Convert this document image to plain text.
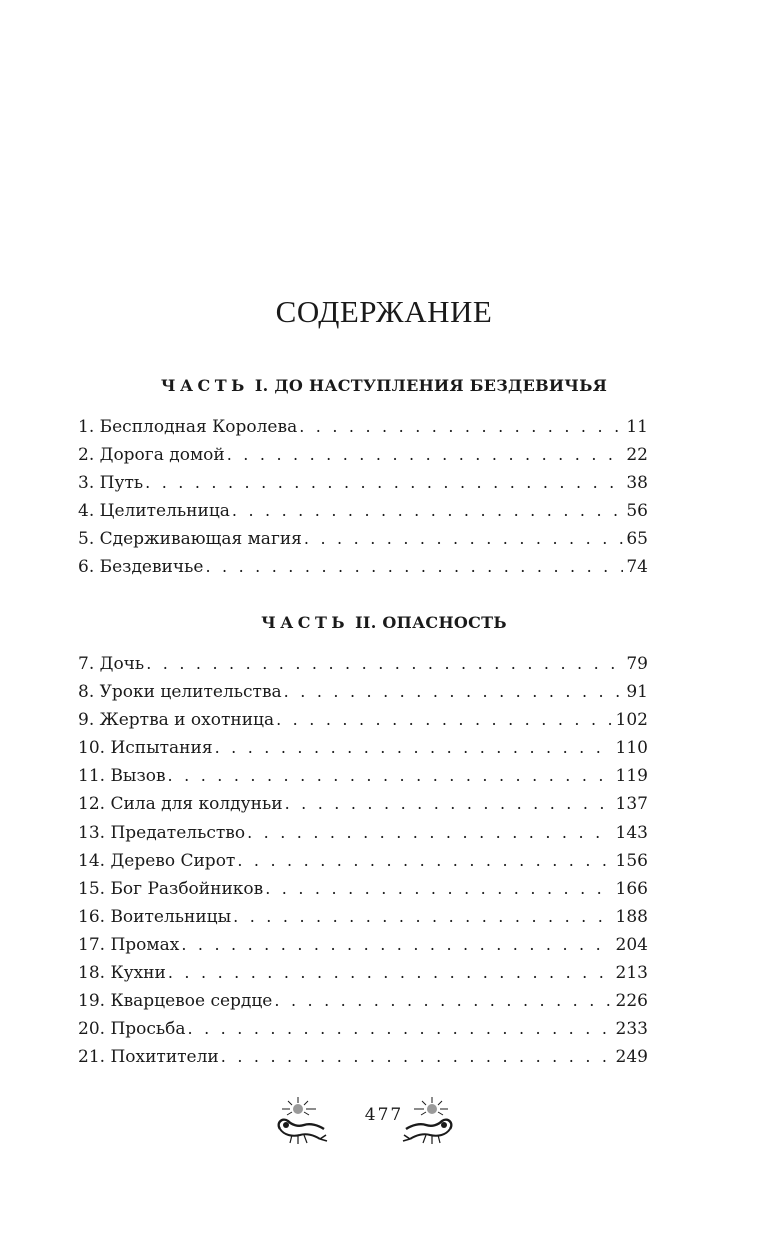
СОДЕРЖАНИЕ
ЧАСТЬ I. ДО НАСТУПЛЕНИЯ БЕЗДЕВИЧЬЯ
1. Бесплодная Королева . . .	11
2. Дорога домой . . .	22
3. Путь . . .	38
4. Целительница . . .	56
5. Сдерживающая магия . . .	65
6. Бездевичье . . .	74
ЧАСТЬ II. ОПАСНОСТЬ
7. Дочь . . .	79
8. Уроки целительства . . .	91
9. Жертва и охотница . . .	102
10. Испытания . . .	110
11. Вызов . . .	119
12. Сила для колдуньи . . .	137
13. Предательство . . .	143
14. Дерево Сирот . . .	156
15. Бог Разбойников . . .	166
16. Воительницы . . .	188
17. Промах . . .	204
18. Кухни . . .	213
19. Кварцевое сердце . . .	226
20. Просьба . . .	233
21. Похитители . . .	249
477
